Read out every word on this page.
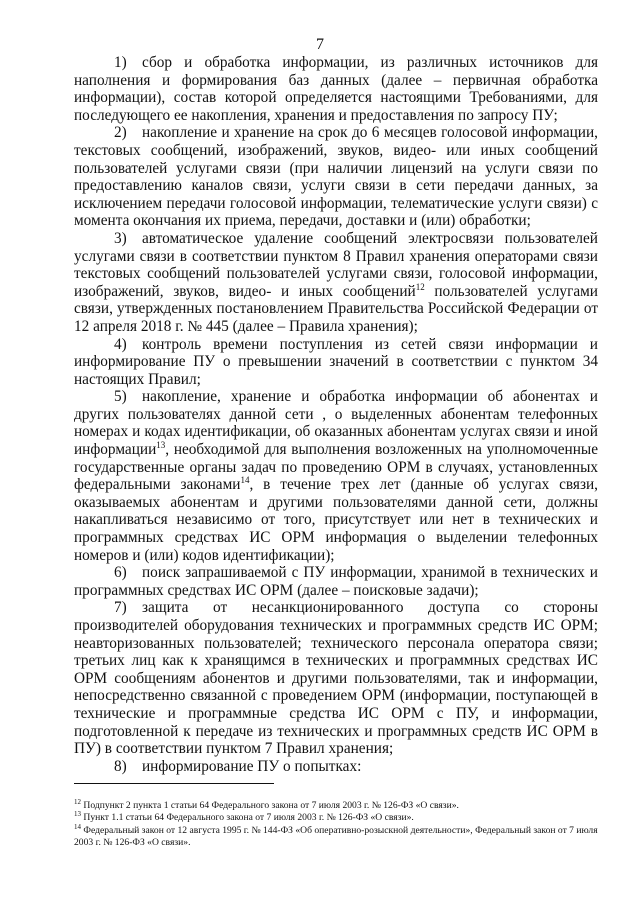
7

1) сбор и обработка информации, из различных источников для наполнения и формирования баз данных (далее – первичная обработка информации), состав которой определяется настоящими Требованиями, для последующего ее накопления, хранения и предоставления по запросу ПУ;

2) накопление и хранение на срок до 6 месяцев голосовой информации, текстовых сообщений, изображений, звуков, видео- или иных сообщений пользователей услугами связи (при наличии лицензий на услуги связи по предоставлению каналов связи, услуги связи в сети передачи данных, за исключением передачи голосовой информации, телематические услуги связи) с момента окончания их приема, передачи, доставки и (или) обработки;

3) автоматическое удаление сообщений электросвязи пользователей услугами связи в соответствии пунктом 8 Правил хранения операторами связи текстовых сообщений пользователей услугами связи, голосовой информации, изображений, звуков, видео- и иных сообщений$^{12}$ пользователей услугами связи, утвержденных постановлением Правительства Российской Федерации от 12 апреля 2018 г. № 445 (далее – Правила хранения);

4) контроль времени поступления из сетей связи информации и информирование ПУ о превышении значений в соответствии с пунктом 34 настоящих Правил;

5) накопление, хранение и обработка информации об абонентах и других пользователях данной сети , о выделенных абонентам телефонных номерах и кодах идентификации, об оказанных абонентам услугах связи и иной информации$^{13}$, необходимой для выполнения возложенных на уполномоченные государственные органы задач по проведению ОРМ в случаях, установленных федеральными законами$^{14}$, в течение трех лет (данные об услугах связи, оказываемых абонентам и другими пользователями данной сети, должны накапливаться независимо от того, присутствует или нет в технических и программных средствах ИС ОРМ информация о выделении телефонных номеров и (или) кодов идентификации);

6) поиск запрашиваемой с ПУ информации, хранимой в технических и программных средствах ИС ОРМ (далее – поисковые задачи);

7) защита от несанкционированного доступа со стороны производителей оборудования технических и программных средств ИС ОРМ; неавторизованных пользователей; технического персонала оператора связи; третьих лиц как к хранящимся в технических и программных средствах ИС ОРМ сообщениям абонентов и другими пользователями, так и информации, непосредственно связанной с проведением ОРМ (информации, поступающей в технические и программные средства ИС ОРМ с ПУ, и информации, подготовленной к передаче из технических и программных средств ИС ОРМ в ПУ) в соответствии пунктом 7 Правил хранения;

8) информирование ПУ о попытках:

$^{12}$ Подпункт 2 пункта 1 статьи 64 Федерального закона от 7 июля 2003 г. № 126-ФЗ «О связи».

$^{13}$ Пункт 1.1 статьи 64 Федерального закона от 7 июля 2003 г. № 126-ФЗ «О связи».

$^{14}$ Федеральный закон от 12 августа 1995 г. № 144-ФЗ «Об оперативно-розыскной деятельности», Федеральный закон от 7 июля 2003 г. № 126-ФЗ «О связи».
